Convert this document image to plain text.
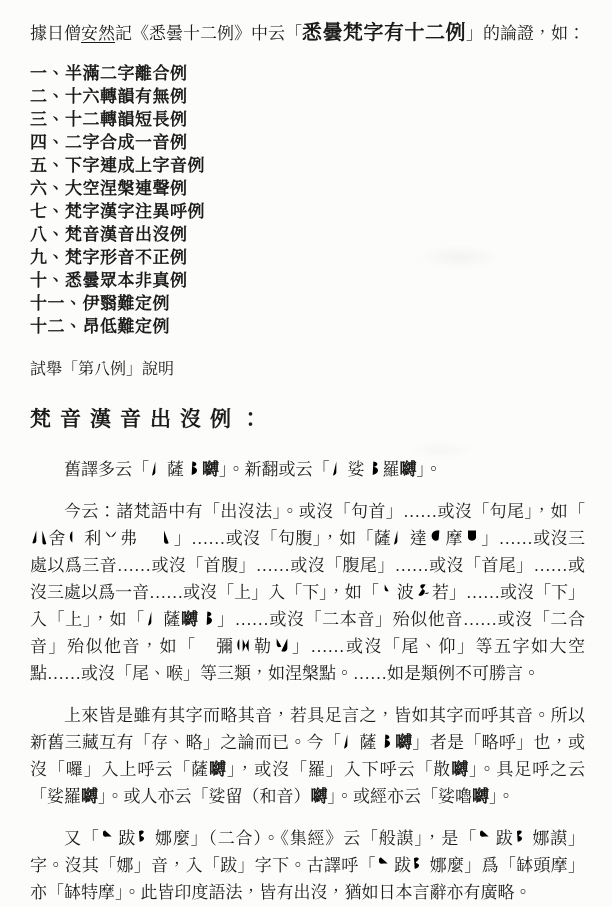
據日僧安然記《悉曇十二例》中云「悉曇梵字有十二例」的論證，如：

一、半滿二字離合例
二、十六轉韻有無例
三、十二轉韻短長例
四、二字合成一音例
五、下字連成上字音例
六、大空涅槃連聲例
七、梵字漢字注異呼例
八、梵音漢音出沒例
九、梵字形音不正例
十、悉曇眾本非真例
十一、伊翳難定例
十二、昂低難定例

試舉「第八例」說明

梵音漢音出沒例：

舊譯多云「 薩 嚩」。新翻或云「 娑 羅嚩」。

今云：諸梵語中有「出沒法」。或沒「句首」……或沒「句尾」，如「舍 利 弗 」……或沒「句腹」，如「薩 達 摩 」……或沒三處以爲三音……或沒「首腹」……或沒「腹尾」……或沒「首尾」……或沒三處以爲一音……或沒「上」入「下」，如「 波 若」……或沒「下」入「上」，如「 薩嚩 」……或沒「二本音」殆似他音……或沒「二合音」殆似他音，如「 彌 勒 」……或沒「尾、仰」等五字如大空點……或沒「尾、喉」等三類，如涅槃點。……如是類例不可勝言。

上來皆是雖有其字而略其音，若具足言之，皆如其字而呼其音。所以新舊三藏互有「存、略」之論而已。今「 薩 嚩」者是「略呼」也，或沒「囉」入上呼云「薩嚩」，或沒「羅」入下呼云「散嚩」。具足呼之云「娑羅嚩」。或人亦云「娑留（和音）嚩」。或經亦云「娑嚕嚩」。

又「 跋 娜麼」（二合）。《集經》云「般謨」，是「 跋 娜謨」字。沒其「娜」音，入「跋」字下。古譯呼「 跋 娜麼」爲「缽頭摩」亦「缽特摩」。此皆印度語法，皆有出沒，猶如日本言辭亦有廣略。
